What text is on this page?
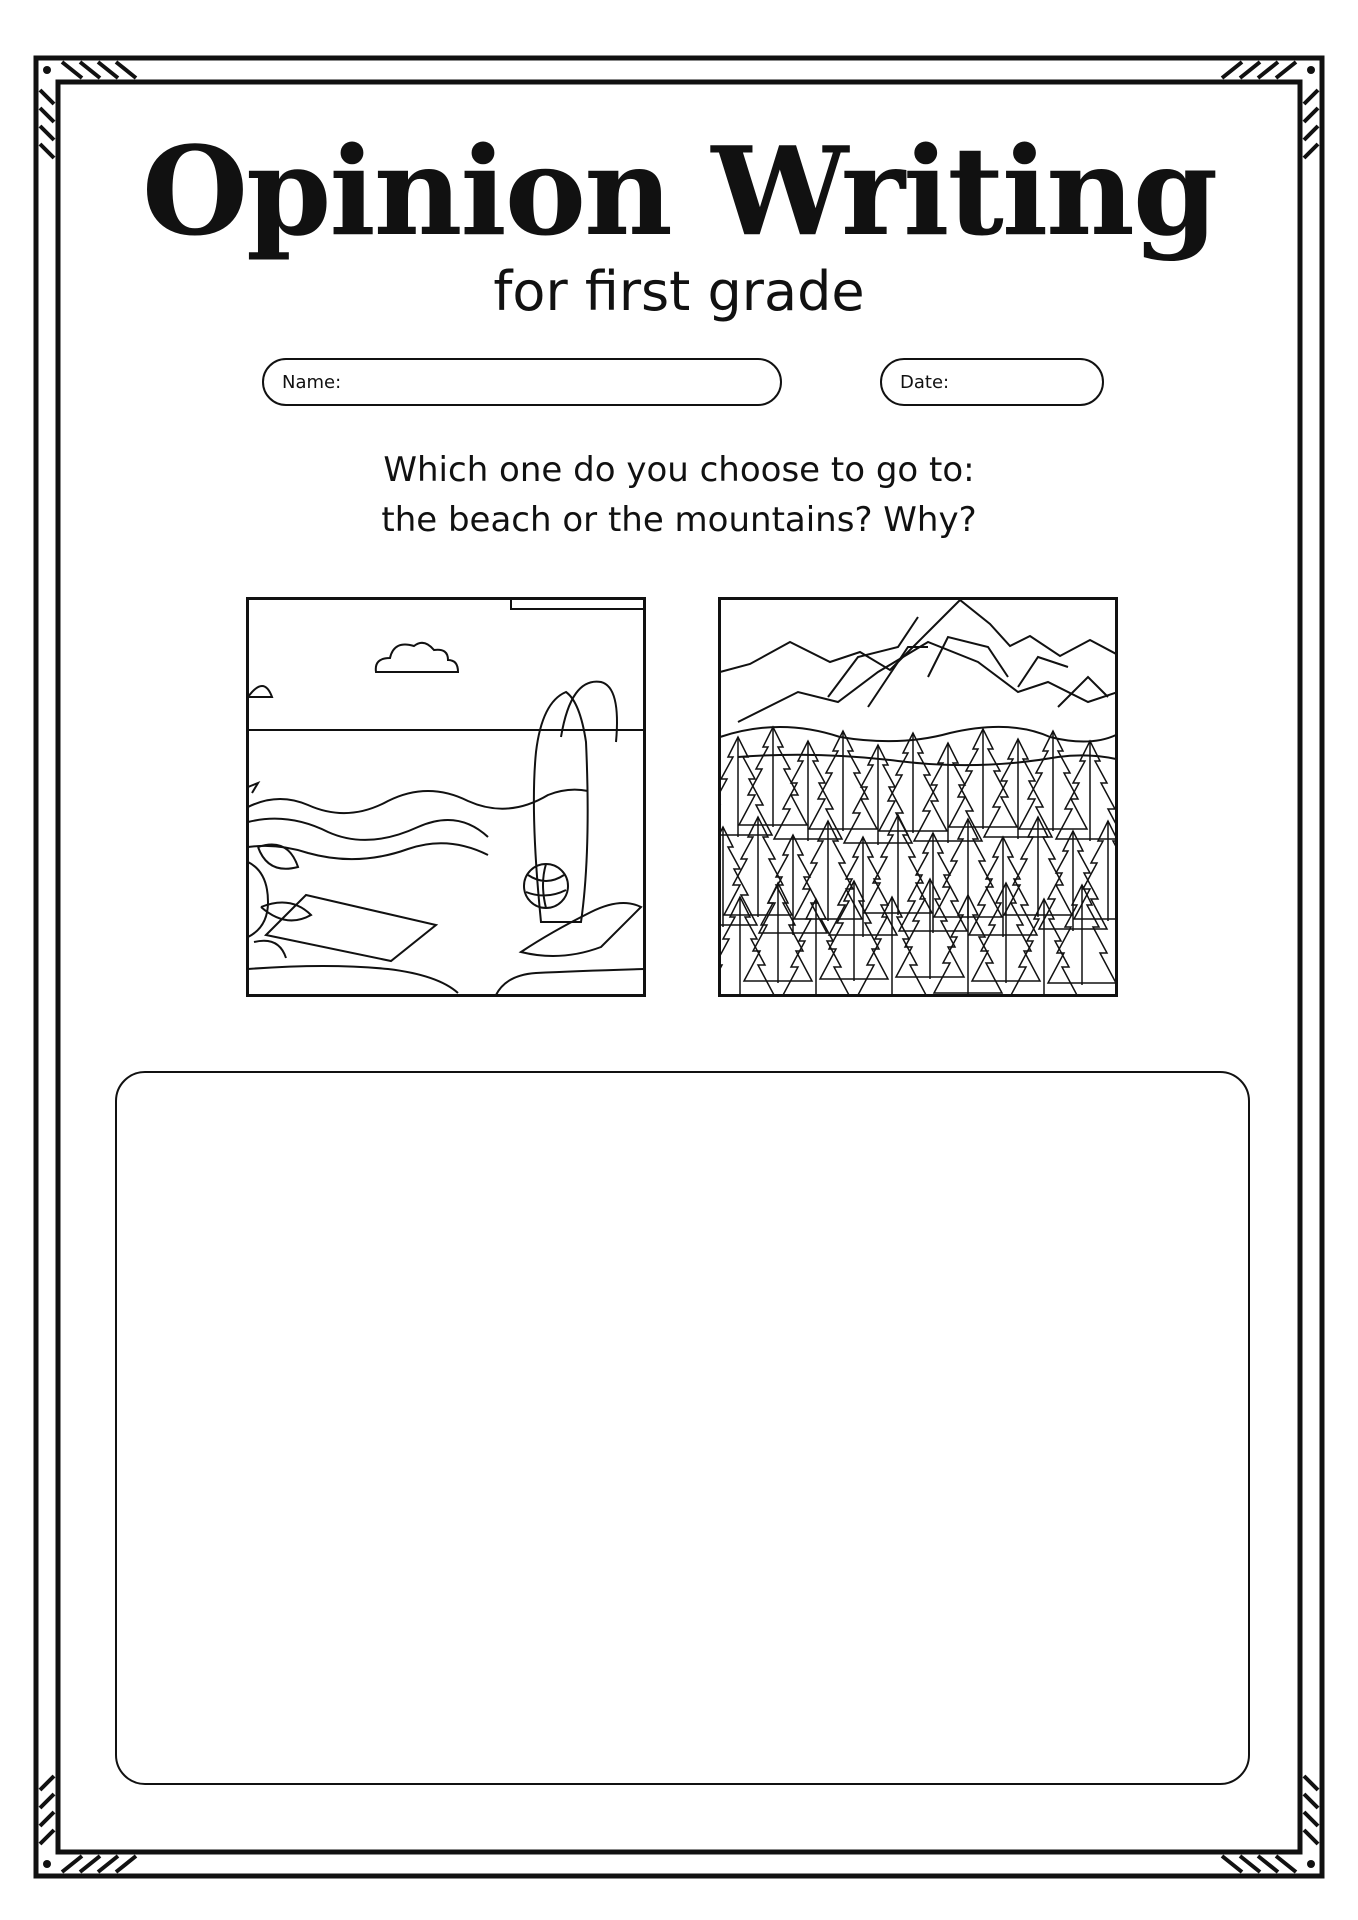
Opinion Writing
for first grade
Name:	Date:
Which one do you choose to go to:
the beach or the mountains? Why?
